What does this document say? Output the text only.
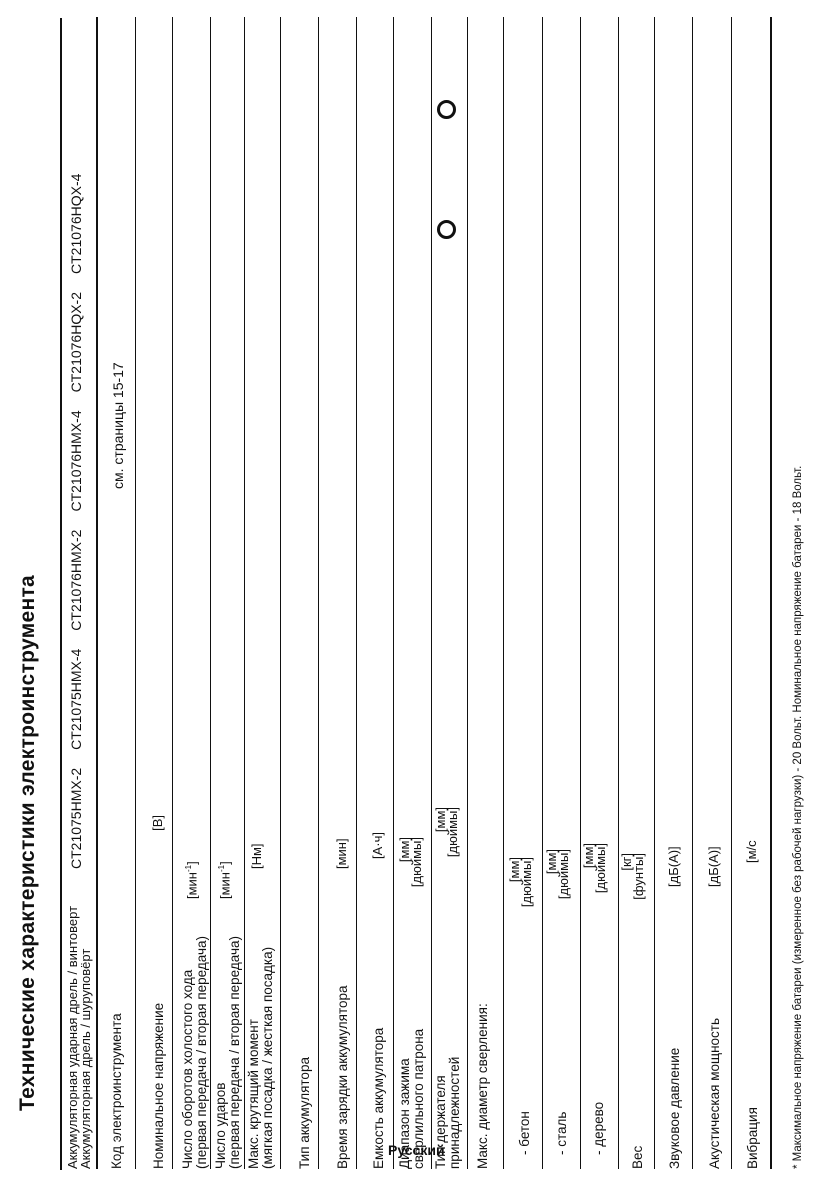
Технические характеристики электроинструмента Аккумуляторная ударная дрель / винтоверт
Аккумуляторная дрель / шуруповёрт
CT21075HMX-2
CT21075HMX-4
CT21076HMX-2
CT21076HMX-4
CT21076HQX-2
CT21076HQX-4
Код электроинструмента
см. страницы 15-17
Номинальное напряжение
[В]
Число оборотов холостого хода
(первая передача / вторая передача)
[мин$^{-1}$]
Число ударов
(первая передача / вторая передача)
[мин$^{-1}$]
Макс. крутящий момент
(мягкая посадка / жесткая посадка)
[Нм]
Тип аккумулятора Время зарядки аккумулятора
[мин]
Емкость аккумулятора
[А·ч]
Диапазон зажима
сверлильного патрона
[мм]
[дюймы]
Тип держателя
принадлежностей
[мм]
[дюймы]
Макс. диаметр сверления: - бетон
[мм]
[дюймы]
- сталь
[мм]
[дюймы]
- дерево
[мм]
[дюймы]
Вес
[кг]
[фунты]
Звуковое давление
[дБ(А)]
Акустическая мощность
[дБ(А)]
Вибрация
[м/с	* Максимальное напряжение батареи (измеренное без рабочей нагрузки) - 20 Вольт. Номинальное напряжение батареи - 18 Вольт.
Русский
